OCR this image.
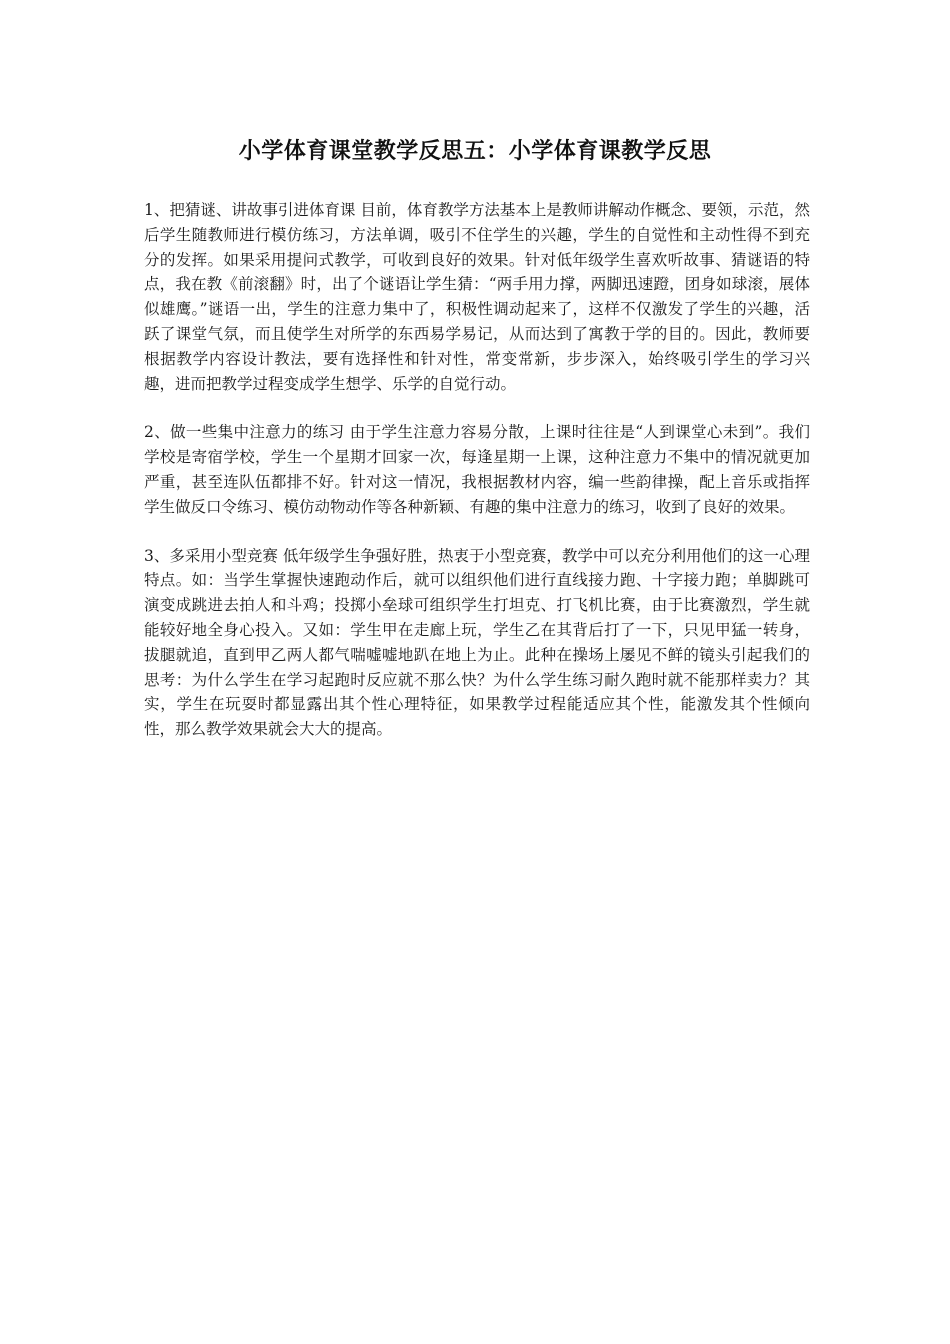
小学体育课堂教学反思五：小学体育课教学反思

1、把猜谜、讲故事引进体育课 目前，体育教学方法基本上是教师讲解动作概念、要领，示范，然后学生随教师进行模仿练习，方法单调，吸引不住学生的兴趣，学生的自觉性和主动性得不到充分的发挥。如果采用提问式教学，可收到良好的效果。针对低年级学生喜欢听故事、猜谜语的特点，我在教《前滚翻》时，出了个谜语让学生猜：“两手用力撑，两脚迅速蹬，团身如球滚，展体似雄鹰。”谜语一出，学生的注意力集中了，积极性调动起来了，这样不仅激发了学生的兴趣，活跃了课堂气氛，而且使学生对所学的东西易学易记，从而达到了寓教于学的目的。因此，教师要根据教学内容设计教法，要有选择性和针对性，常变常新，步步深入，始终吸引学生的学习兴趣，进而把教学过程变成学生想学、乐学的自觉行动。

2、做一些集中注意力的练习 由于学生注意力容易分散，上课时往往是“人到课堂心未到”。我们学校是寄宿学校，学生一个星期才回家一次，每逢星期一上课，这种注意力不集中的情况就更加严重，甚至连队伍都排不好。针对这一情况，我根据教材内容，编一些韵律操，配上音乐或指挥学生做反口令练习、模仿动物动作等各种新颖、有趣的集中注意力的练习，收到了良好的效果。

3、多采用小型竞赛 低年级学生争强好胜，热衷于小型竞赛，教学中可以充分利用他们的这一心理特点。如：当学生掌握快速跑动作后，就可以组织他们进行直线接力跑、十字接力跑；单脚跳可演变成跳进去拍人和斗鸡；投掷小垒球可组织学生打坦克、打飞机比赛，由于比赛激烈，学生就能较好地全身心投入。又如：学生甲在走廊上玩，学生乙在其背后打了一下，只见甲猛一转身，拔腿就追，直到甲乙两人都气喘嘘嘘地趴在地上为止。此种在操场上屡见不鲜的镜头引起我们的思考：为什么学生在学习起跑时反应就不那么快？为什么学生练习耐久跑时就不能那样卖力？其实，学生在玩耍时都显露出其个性心理特征，如果教学过程能适应其个性，能激发其个性倾向性，那么教学效果就会大大的提高。
